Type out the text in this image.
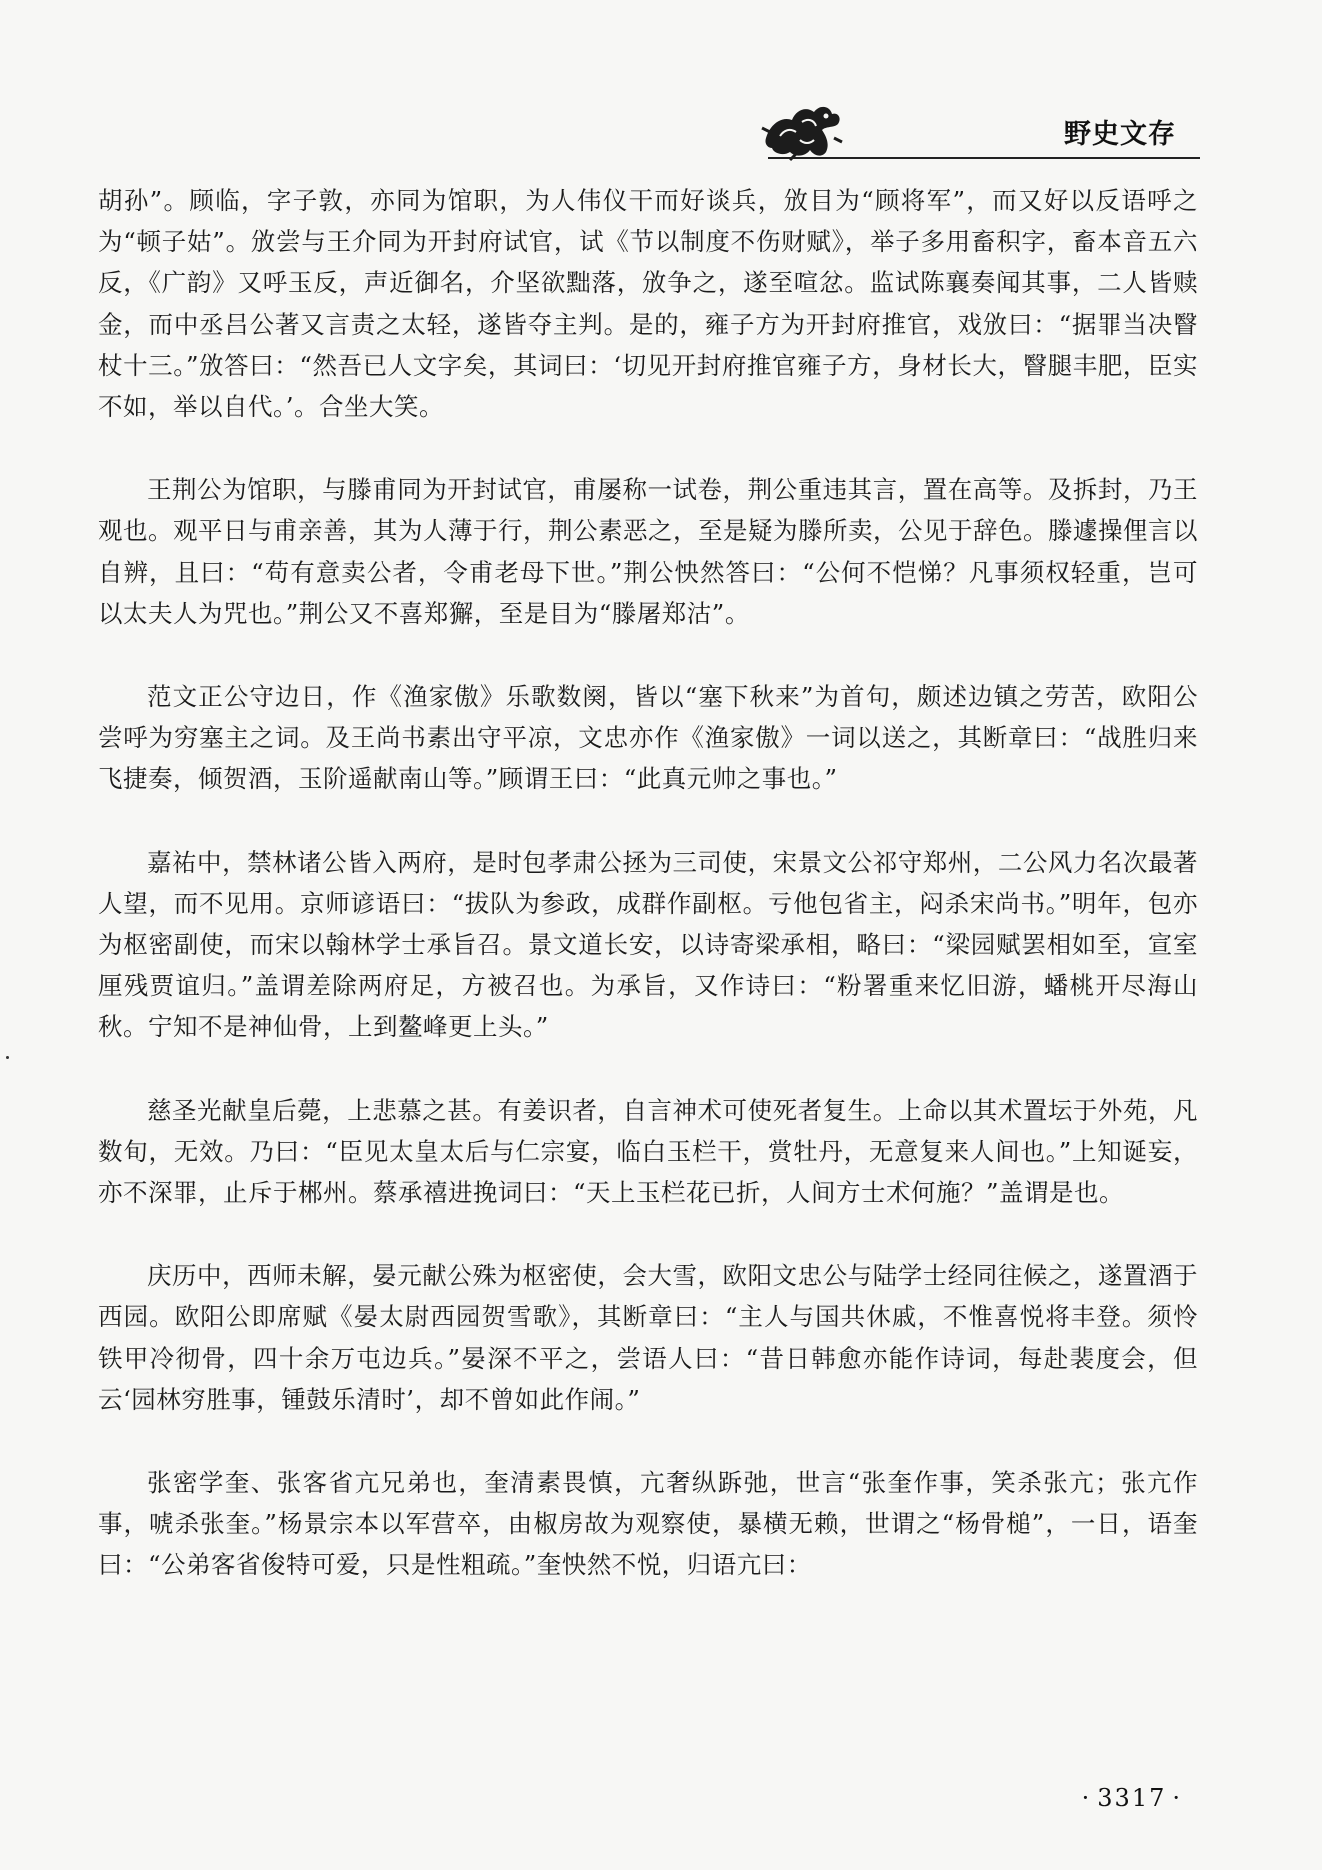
野史文存

胡孙”。顾临，字子敦，亦同为馆职，为人伟仪干而好谈兵，攽目为“顾将军”，而又好以反语呼之为“顿子姑”。攽尝与王介同为开封府试官，试《节以制度不伤财赋》，举子多用畜积字，畜本音五六反，《广韵》又呼玉反，声近御名，介坚欲黜落，攽争之，遂至喧忿。监试陈襄奏闻其事，二人皆赎金，而中丞吕公著又言责之太轻，遂皆夺主判。是的，雍子方为开封府推官，戏攽曰：“据罪当决瞖杖十三。”攽答曰：“然吾已人文字矣，其词曰：‘切见开封府推官雍子方，身材长大，瞖腿丰肥，臣实不如，举以自代。’。合坐大笑。

王荆公为馆职，与滕甫同为开封试官，甫屡称一试卷，荆公重违其言，置在高等。及拆封，乃王观也。观平日与甫亲善，其为人薄于行，荆公素恶之，至是疑为滕所卖，公见于辞色。滕遽操俚言以自辨，且曰：“苟有意卖公者，令甫老母下世。”荆公怏然答曰：“公何不恺悌？凡事须权轻重，岂可以太夫人为咒也。”荆公又不喜郑獬，至是目为“滕屠郑沽”。

范文正公守边日，作《渔家傲》乐歌数阕，皆以“塞下秋来”为首句，颇述边镇之劳苦，欧阳公尝呼为穷塞主之词。及王尚书素出守平凉，文忠亦作《渔家傲》一词以送之，其断章曰：“战胜归来飞捷奏，倾贺酒，玉阶遥献南山等。”顾谓王曰：“此真元帅之事也。”

嘉祐中，禁林诸公皆入两府，是时包孝肃公拯为三司使，宋景文公祁守郑州，二公风力名次最著人望，而不见用。京师谚语曰：“拔队为参政，成群作副枢。亏他包省主，闷杀宋尚书。”明年，包亦为枢密副使，而宋以翰林学士承旨召。景文道长安，以诗寄梁承相，略曰：“梁园赋罢相如至，宣室厘残贾谊归。”盖谓差除两府足，方被召也。为承旨，又作诗曰：“粉署重来忆旧游，蟠桃开尽海山秋。宁知不是神仙骨，上到鳌峰更上头。”

慈圣光献皇后薨，上悲慕之甚。有姜识者，自言神术可使死者复生。上命以其术置坛于外苑，凡数旬，无效。乃曰：“臣见太皇太后与仁宗宴，临白玉栏干，赏牡丹，无意复来人间也。”上知诞妄，亦不深罪，止斥于郴州。蔡承禧进挽词曰：“天上玉栏花已折，人间方士术何施？”盖谓是也。

庆历中，西师未解，晏元献公殊为枢密使，会大雪，欧阳文忠公与陆学士经同往候之，遂置酒于西园。欧阳公即席赋《晏太尉西园贺雪歌》，其断章曰：“主人与国共休戚，不惟喜悦将丰登。须怜铁甲冷彻骨，四十余万屯边兵。”晏深不平之，尝语人曰：“昔日韩愈亦能作诗词，每赴裴度会，但云‘园林穷胜事，锺鼓乐清时’，却不曾如此作闹。”

张密学奎、张客省亢兄弟也，奎清素畏慎，亢奢纵跅弛，世言“张奎作事，笑杀张亢；张亢作事，唬杀张奎。”杨景宗本以军营卒，由椒房故为观察使，暴横无赖，世谓之“杨骨槌”，一日，语奎曰：“公弟客省俊特可爱，只是性粗疏。”奎怏然不悦，归语亢曰：

· 3317 ·
